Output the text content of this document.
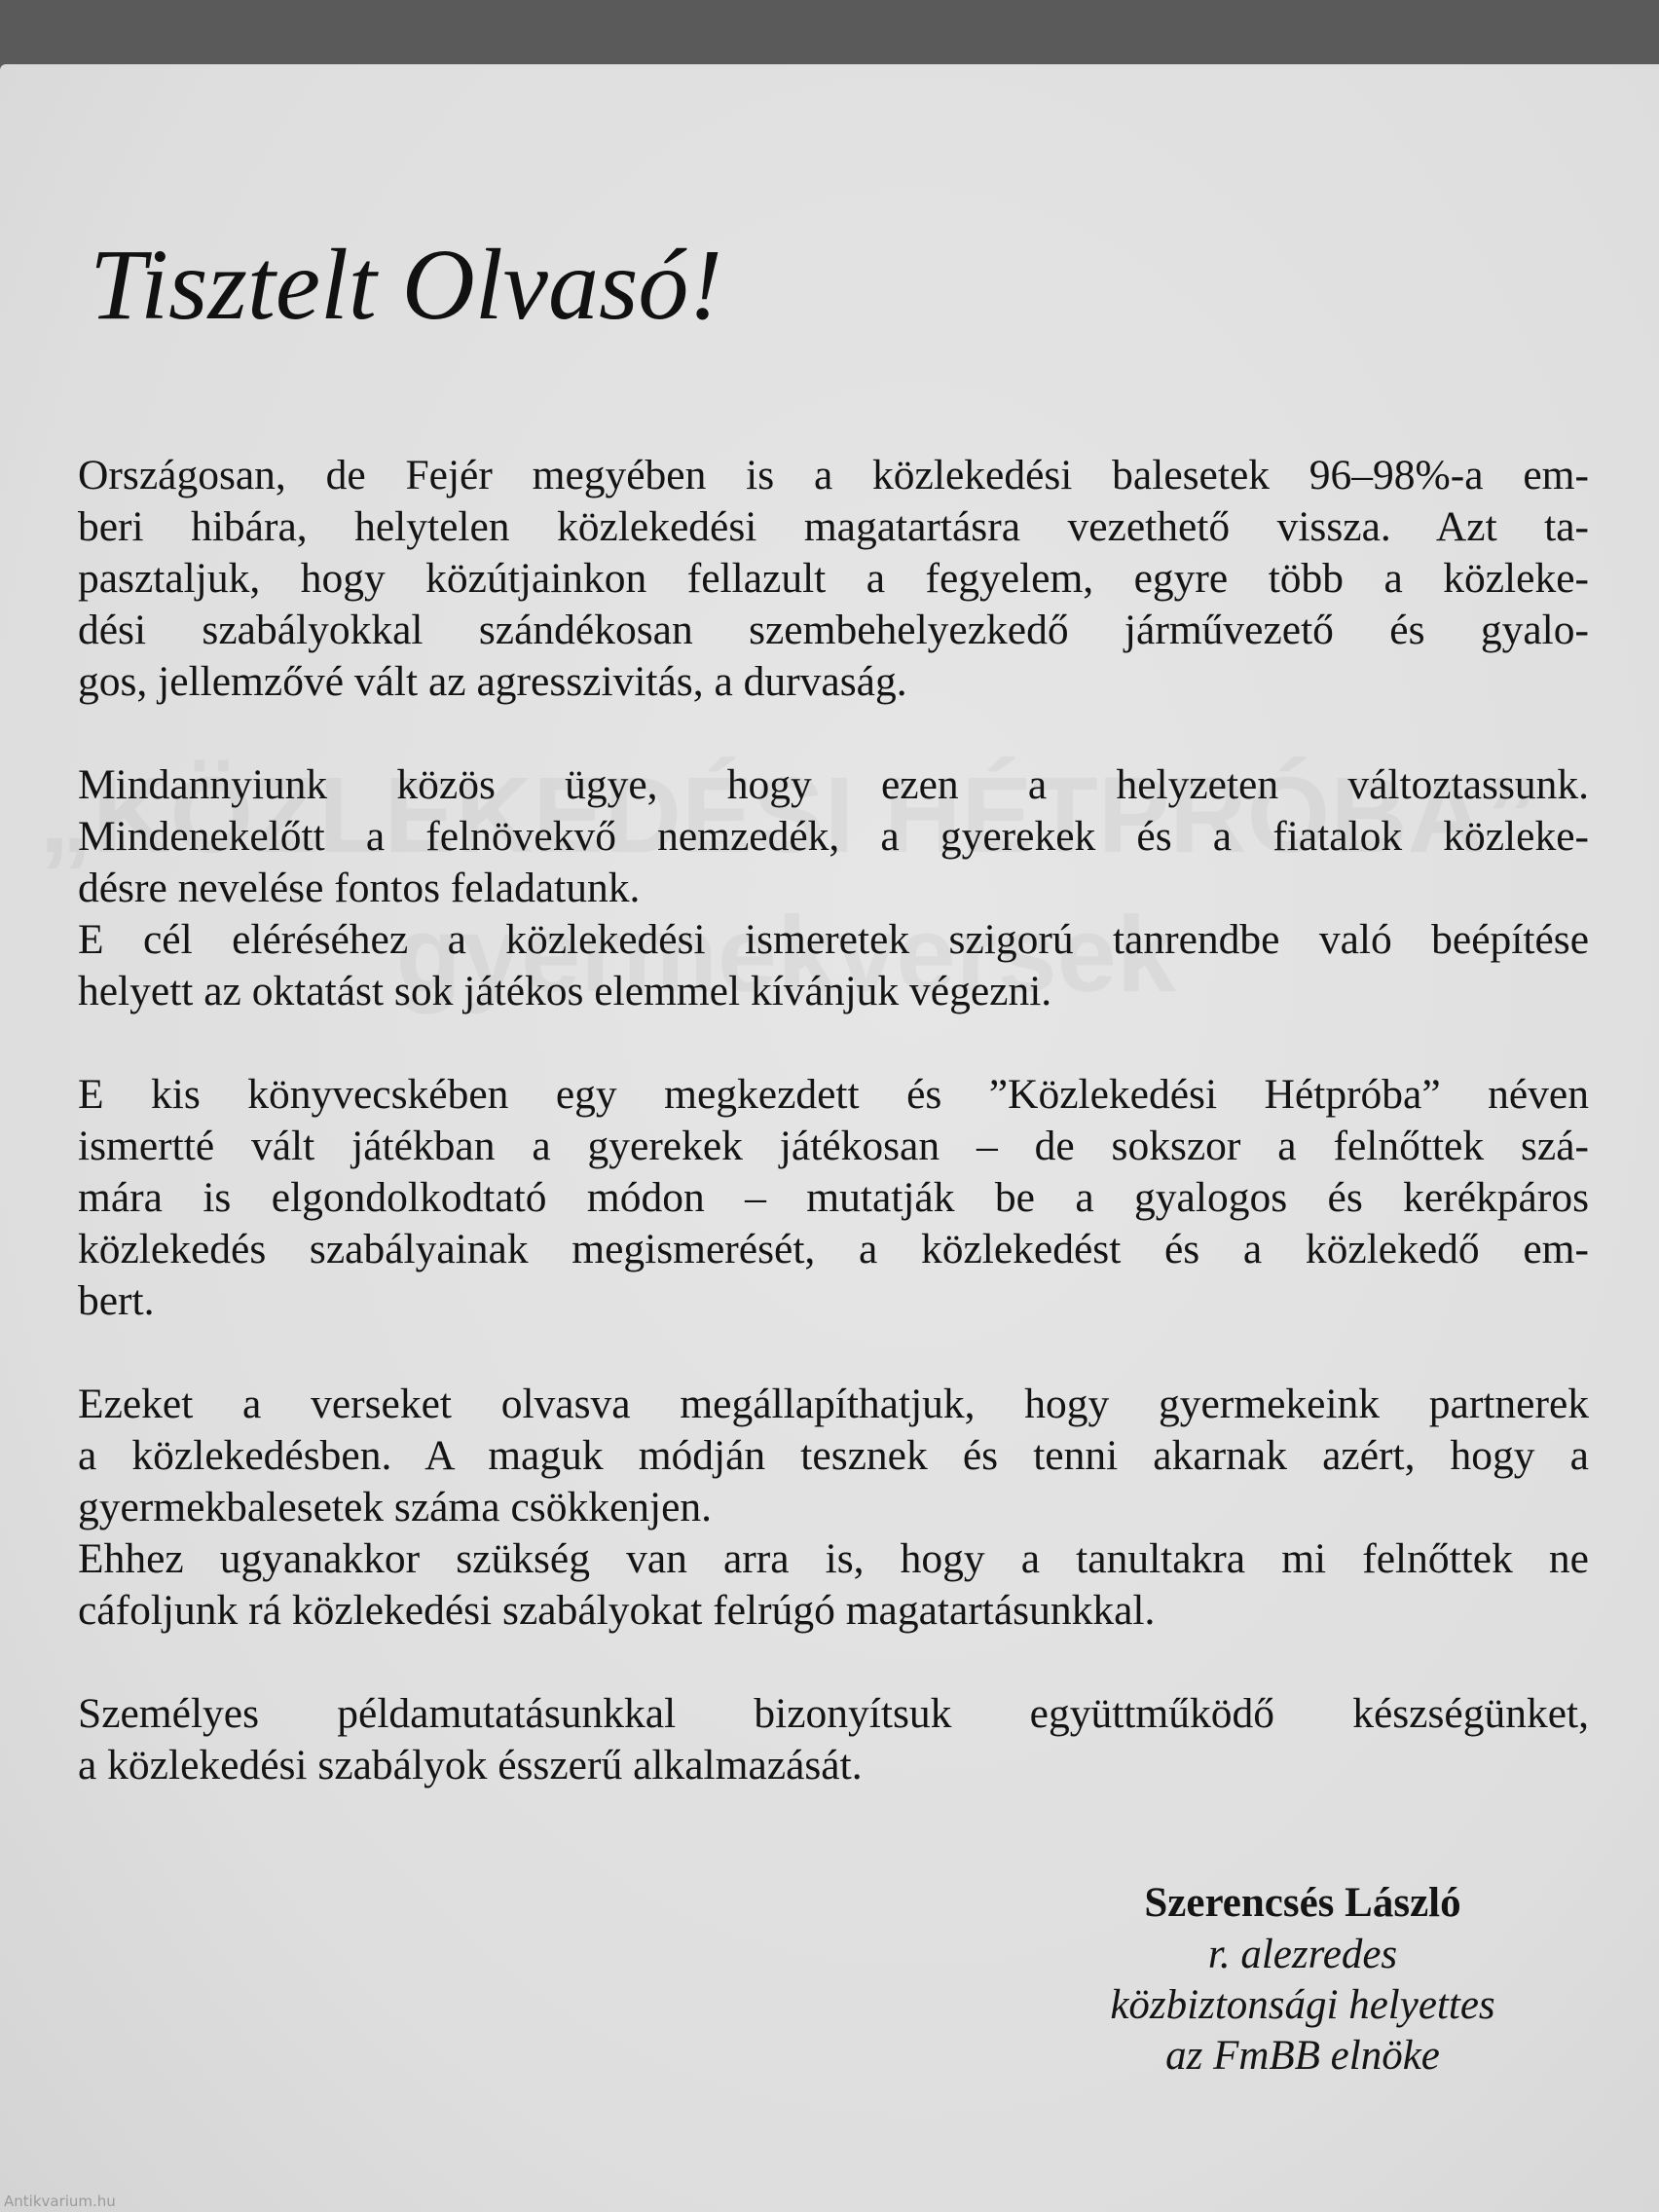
Tisztelt Olvasó!
Országosan, de Fejér megyében is a közlekedési balesetek 96–98%-a em-
beri hibára, helytelen közlekedési magatartásra vezethető vissza. Azt ta-
pasztaljuk, hogy közútjainkon fellazult a fegyelem, egyre több a közleke-
dési szabályokkal szándékosan szembehelyezkedő járművezető és gyalo-
gos, jellemzővé vált az agresszivitás, a durvaság.
Mindannyiunk közös ügye, hogy ezen a helyzeten változtassunk.
Mindenekelőtt a felnövekvő nemzedék, a gyerekek és a fiatalok közleke-
désre nevelése fontos feladatunk.
E cél eléréséhez a közlekedési ismeretek szigorú tanrendbe való beépítése
helyett az oktatást sok játékos elemmel kívánjuk végezni.
E kis könyvecskében egy megkezdett és ”Közlekedési Hétpróba” néven
ismertté vált játékban a gyerekek játékosan – de sokszor a felnőttek szá-
mára is elgondolkodtató módon – mutatják be a gyalogos és kerékpáros
közlekedés szabályainak megismerését, a közlekedést és a közlekedő em-
bert.
Ezeket a verseket olvasva megállapíthatjuk, hogy gyermekeink partnerek
a közlekedésben. A maguk módján tesznek és tenni akarnak azért, hogy a
gyermekbalesetek száma csökkenjen.
Ehhez ugyanakkor szükség van arra is, hogy a tanultakra mi felnőttek ne
cáfoljunk rá közlekedési szabályokat felrúgó magatartásunkkal.
Személyes példamutatásunkkal bizonyítsuk együttműködő készségünket,
a közlekedési szabályok ésszerű alkalmazását.
Szerencsés László
r. alezredes
közbiztonsági helyettes
az FmBB elnöke
Antikvarium.hu
